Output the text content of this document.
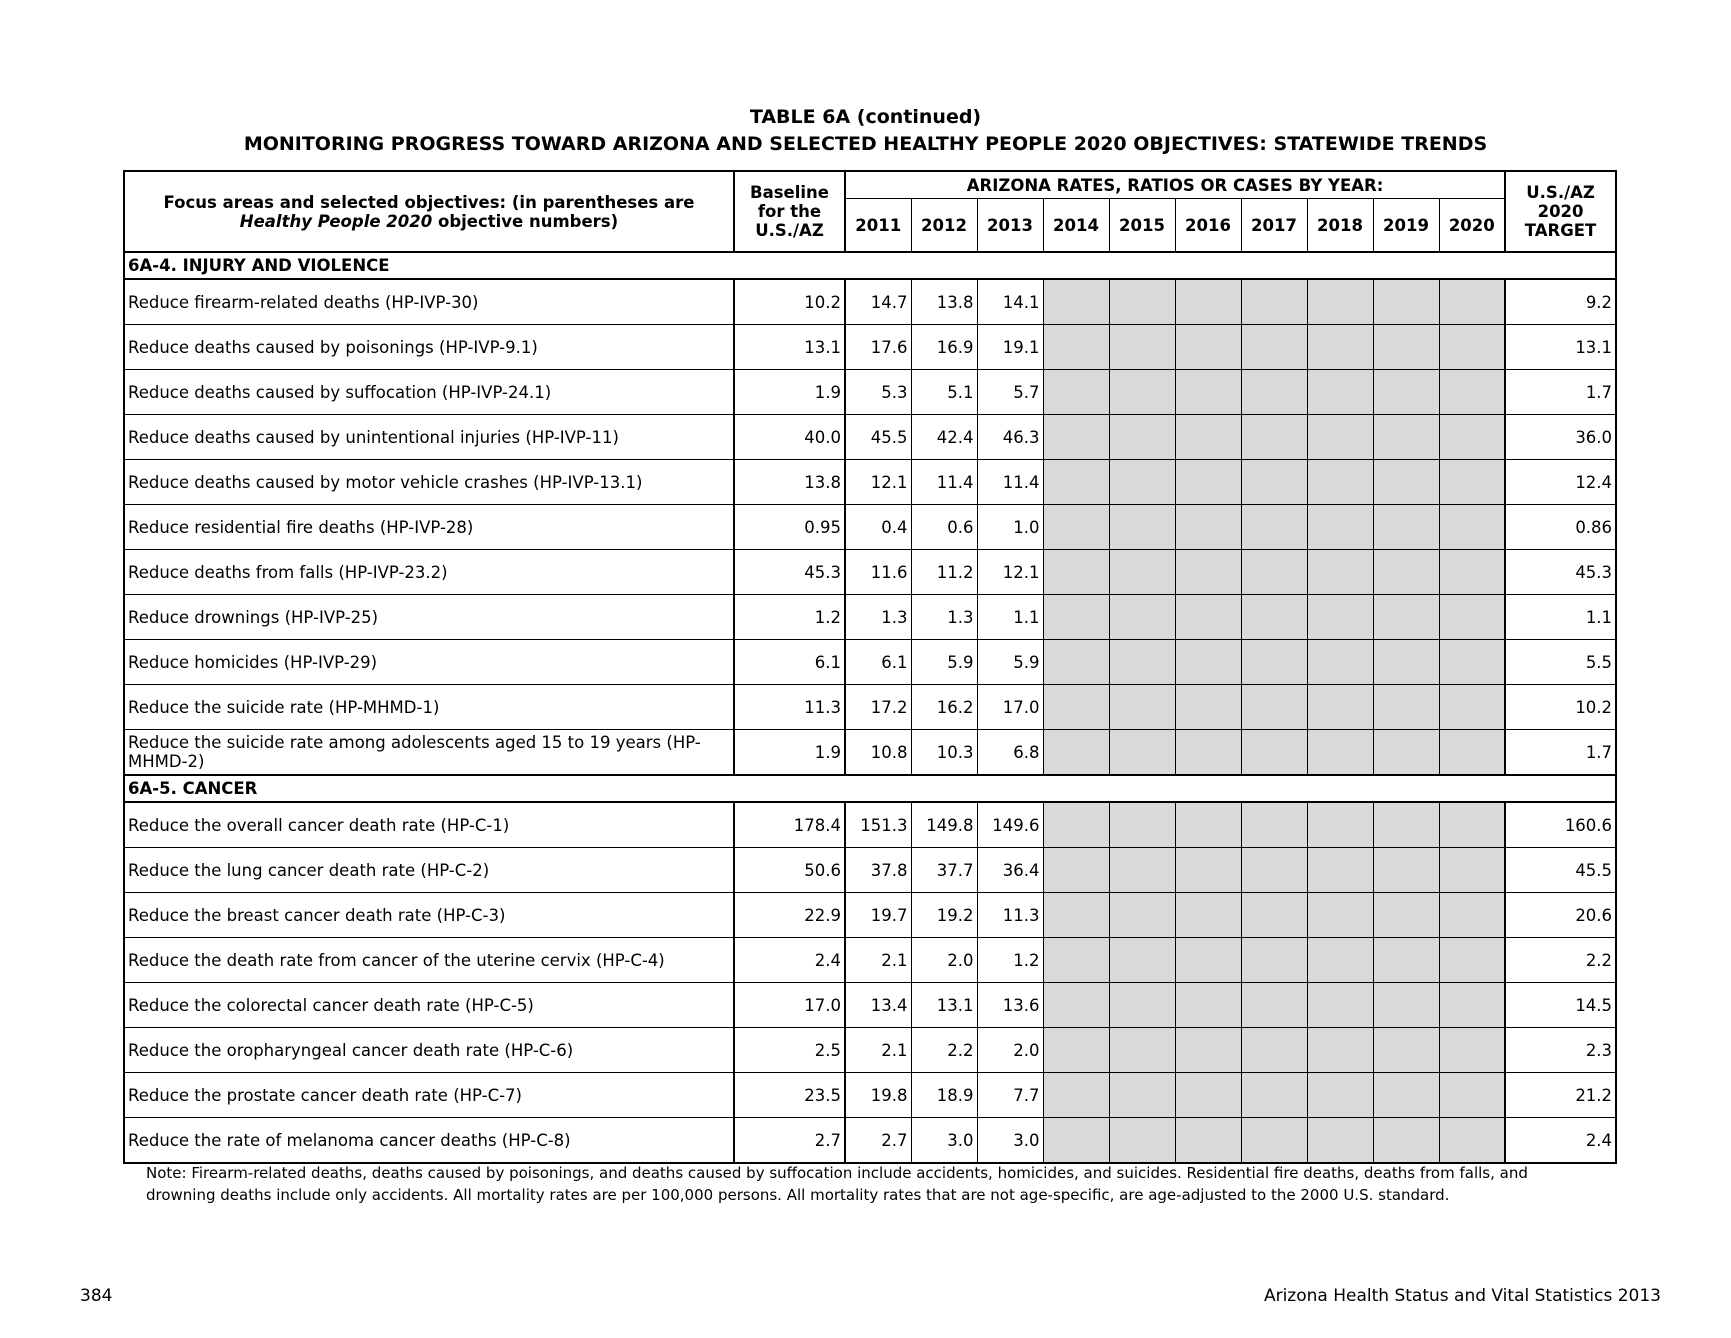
TABLE 6A (continued)
MONITORING PROGRESS TOWARD ARIZONA AND SELECTED HEALTHY PEOPLE 2020 OBJECTIVES: STATEWIDE TRENDS
Focus areas and selected objectives: (in parentheses are
Healthy People 2020 objective numbers)	Baseline
for the
U.S./AZ	ARIZONA RATES, RATIOS OR CASES BY YEAR:										U.S./AZ
2020
TARGET
		2011	2012	2013	2014	2015	2016	2017	2018	2019	2020	
6A-4. INJURY AND VIOLENCE												
Reduce firearm-related deaths (HP-IVP-30)	10.2	14.7	13.8	14.1								9.2
Reduce deaths caused by poisonings (HP-IVP-9.1)	13.1	17.6	16.9	19.1								13.1
Reduce deaths caused by suffocation (HP-IVP-24.1)	1.9	5.3	5.1	5.7								1.7
Reduce deaths caused by unintentional injuries (HP-IVP-11)	40.0	45.5	42.4	46.3								36.0
Reduce deaths caused by motor vehicle crashes (HP-IVP-13.1)	13.8	12.1	11.4	11.4								12.4
Reduce residential fire deaths (HP-IVP-28)	0.95	0.4	0.6	1.0								0.86
Reduce deaths from falls (HP-IVP-23.2)	45.3	11.6	11.2	12.1								45.3
Reduce drownings (HP-IVP-25)	1.2	1.3	1.3	1.1								1.1
Reduce homicides (HP-IVP-29)	6.1	6.1	5.9	5.9								5.5
Reduce the suicide rate (HP-MHMD-1)	11.3	17.2	16.2	17.0								10.2
Reduce the suicide rate among adolescents aged 15 to 19 years (HP-MHMD-2)	1.9	10.8	10.3	6.8								1.7
6A-5. CANCER												
Reduce the overall cancer death rate (HP-C-1)	178.4	151.3	149.8	149.6								160.6
Reduce the lung cancer death rate (HP-C-2)	50.6	37.8	37.7	36.4								45.5
Reduce the breast cancer death rate (HP-C-3)	22.9	19.7	19.2	11.3								20.6
Reduce the death rate from cancer of the uterine cervix (HP-C-4)	2.4	2.1	2.0	1.2								2.2
Reduce the colorectal cancer death rate (HP-C-5)	17.0	13.4	13.1	13.6								14.5
Reduce the oropharyngeal cancer death rate (HP-C-6)	2.5	2.1	2.2	2.0								2.3
Reduce the prostate cancer death rate (HP-C-7)	23.5	19.8	18.9	7.7								21.2
Reduce the rate of melanoma cancer deaths (HP-C-8)	2.7	2.7	3.0	3.0								2.4
Note: Firearm-related deaths, deaths caused by poisonings, and deaths caused by suffocation include accidents, homicides, and suicides. Residential fire deaths, deaths from falls, and
drowning deaths include only accidents. All mortality rates are per 100,000 persons. All mortality rates that are not age-specific, are age-adjusted to the 2000 U.S. standard.
384	Arizona Health Status and Vital Statistics 2013
